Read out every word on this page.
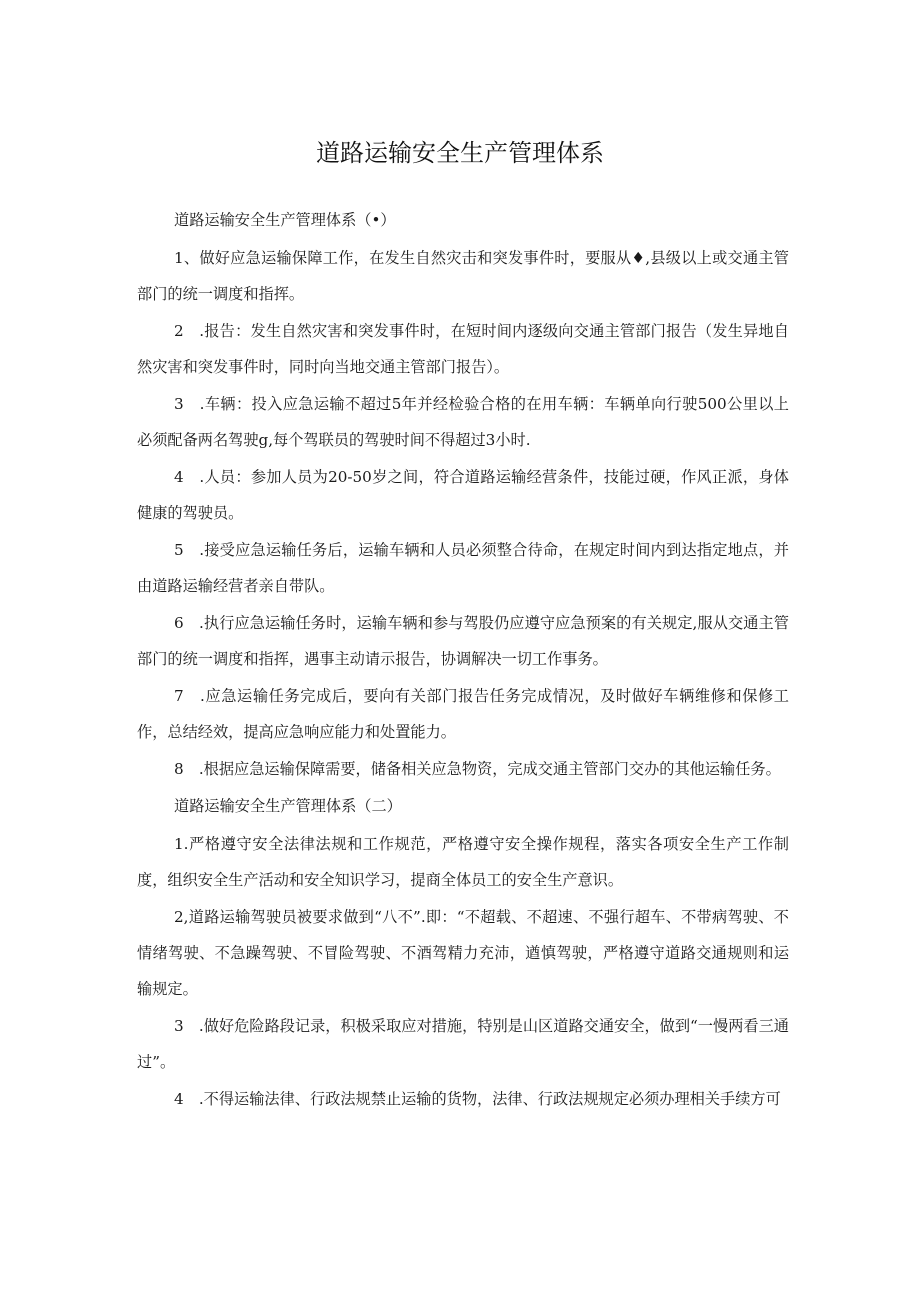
道路运输安全生产管理体系

道路运输安全生产管理体系（•）

1、做好应急运输保障工作，在发生自然灾击和突发事件时，要服从♦,县级以上或交通主管部门的统一调度和指挥。

2　.报告：发生自然灾害和突发事件时，在短时间内逐级向交通主管部门报告（发生异地自然灾害和突发事件时，同时向当地交通主管部门报告）。

3　.车辆：投入应急运输不超过5年并经检验合格的在用车辆：车辆单向行驶500公里以上必须配备两名驾驶g,每个驾联员的驾驶时间不得超过3小时.

4　.人员：参加人员为20-50岁之间，符合道路运输经营条件，技能过硬，作风正派，身体健康的驾驶员。

5　.接受应急运输任务后，运输车辆和人员必须整合待命，在规定时间内到达指定地点，并由道路运输经营者亲自带队。

6　.执行应急运输任务时，运输车辆和参与驾股仍应遵守应急预案的有关规定,服从交通主管部门的统一调度和指挥，遇事主动请示报告，协调解决一切工作事务。

7　.应急运输任务完成后，要向有关部门报告任务完成情况，及时做好车辆维修和保修工作，总结经效，提高应急响应能力和处置能力。

8　.根据应急运输保障需要，储备相关应急物资，完成交通主管部门交办的其他运输任务。

道路运输安全生产管理体系（二）

1.严格遵守安全法律法规和工作规范，严格遵守安全操作规程，落实各项安全生产工作制度，组织安全生产活动和安全知识学习，提商全体员工的安全生产意识。

2,道路运输驾驶员被要求做到“八不”.即：“不超载、不超速、不强行超车、不带病驾驶、不情绪驾驶、不急躁驾驶、不冒险驾驶、不酒驾精力充沛，遒慎驾驶，严格遵守道路交通规则和运输规定。

3　.做好危险路段记录，积极采取应对措施，特别是山区道路交通安全，做到“一慢两看三通过”。

4　.不得运输法律、行政法规禁止运输的货物，法律、行政法规规定必须办理相关手续方可
